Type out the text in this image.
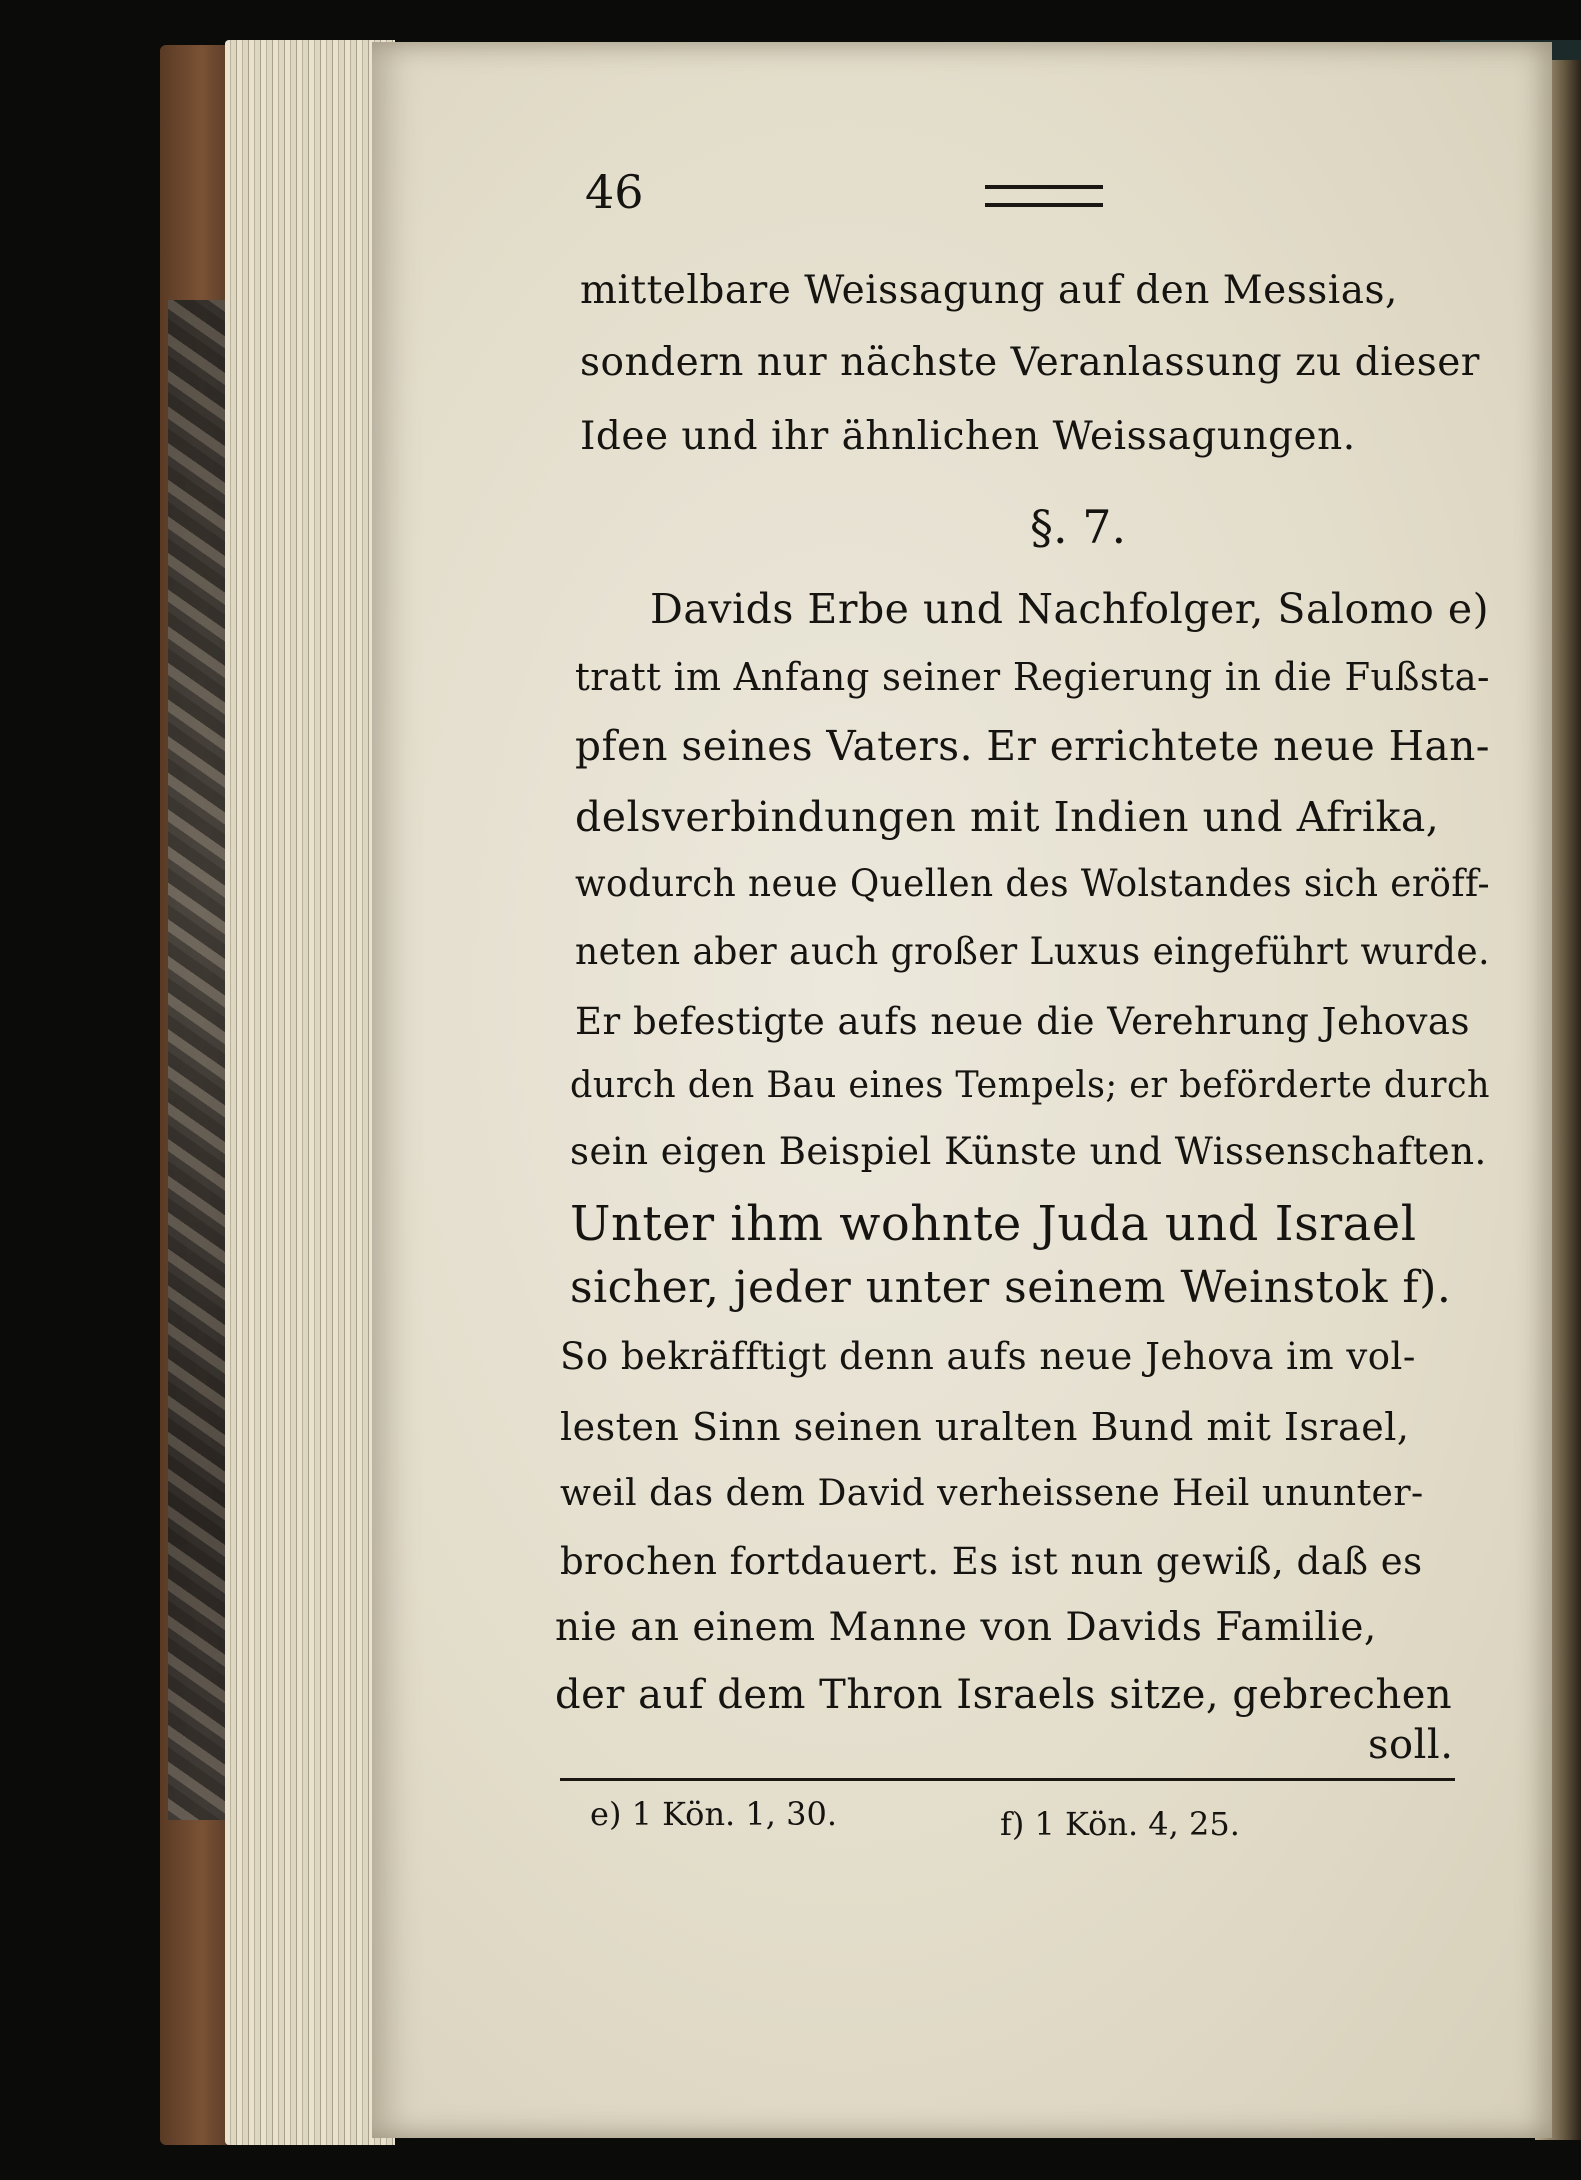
46
mittelbare Weissagung auf den Messias,
sondern nur nächste Veranlassung zu dieser
Idee und ihr ähnlichen Weissagungen.
§. 7.
Davids Erbe und Nachfolger, Salomo e)
tratt im Anfang seiner Regierung in die Fußsta-
pfen seines Vaters. Er errichtete neue Han-
delsverbindungen mit Indien und Afrika,
wodurch neue Quellen des Wolstandes sich eröff-
neten aber auch großer Luxus eingeführt wurde.
Er befestigte aufs neue die Verehrung Jehovas
durch den Bau eines Tempels; er beförderte durch
sein eigen Beispiel Künste und Wissenschaften.
Unter ihm wohnte Juda und Israel
sicher, jeder unter seinem Weinstok f).
So bekräfftigt denn aufs neue Jehova im vol-
lesten Sinn seinen uralten Bund mit Israel,
weil das dem David verheissene Heil ununter-
brochen fortdauert. Es ist nun gewiß, daß es
nie an einem Manne von Davids Familie,
der auf dem Thron Israels sitze, gebrechen
soll.
e) 1 Kön. 1, 30.	f) 1 Kön. 4, 25.
